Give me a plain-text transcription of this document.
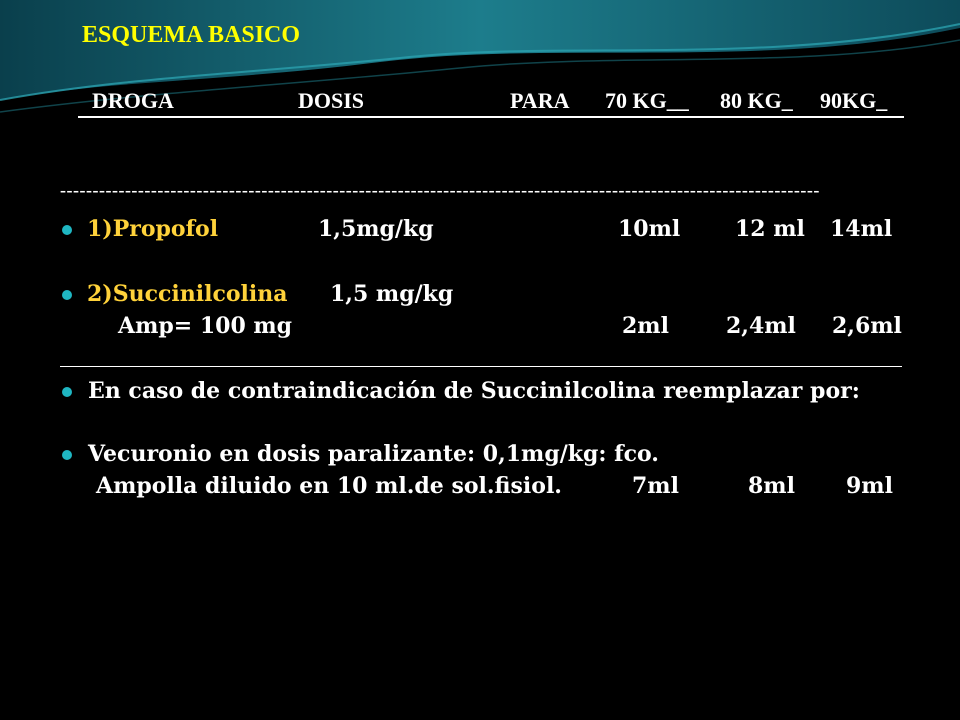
ESQUEMA BASICO
DROGA	DOSIS	PARA 70 KG__ 80 KG_ 90KG_
---------------------------------------------------------------------------------------------------------------------
1)Propofol	1,5mg/kg	10ml 12 ml 14ml
2)Succinilcolina 1,5 mg/kg
Amp= 100 mg	2ml	2,4ml 2,6ml
En caso de contraindicación de Succinilcolina reemplazar por:
Vecuronio en dosis paralizante: 0,1mg/kg: fco.
Ampolla diluido en 10 ml.de sol.fisiol.	7ml	8ml 9ml
